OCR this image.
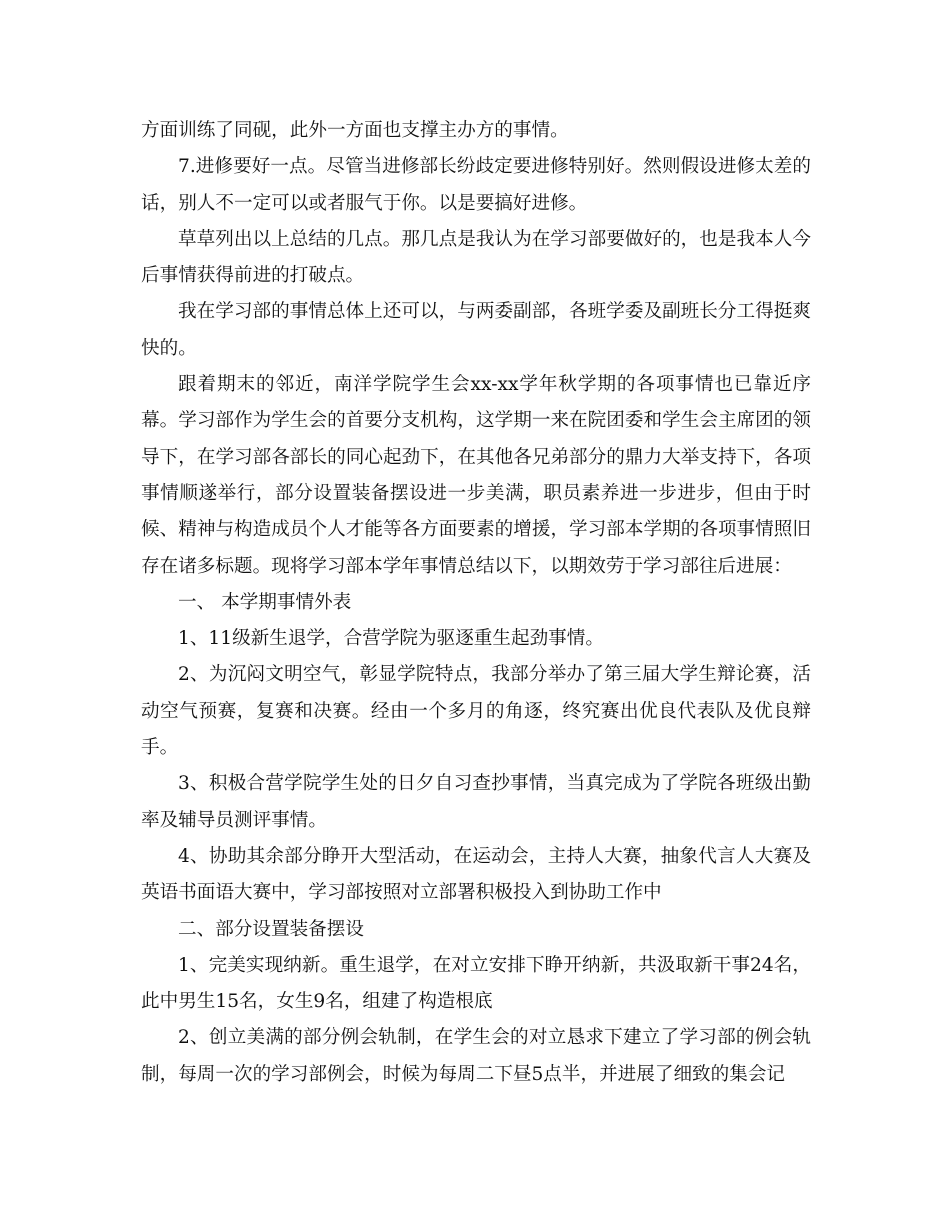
方面训练了同砚，此外一方面也支撑主办方的事情。

7.进修要好一点。尽管当进修部长纷歧定要进修特别好。然则假设进修太差的话，别人不一定可以或者服气于你。以是要搞好进修。

草草列出以上总结的几点。那几点是我认为在学习部要做好的，也是我本人今后事情获得前进的打破点。

我在学习部的事情总体上还可以，与两委副部，各班学委及副班长分工得挺爽快的。

跟着期末的邻近，南洋学院学生会xx-xx学年秋学期的各项事情也已靠近序幕。学习部作为学生会的首要分支机构，这学期一来在院团委和学生会主席团的领导下，在学习部各部长的同心起劲下，在其他各兄弟部分的鼎力大举支持下，各项事情顺遂举行，部分设置装备摆设进一步美满，职员素养进一步进步，但由于时候、精神与构造成员个人才能等各方面要素的增援，学习部本学期的各项事情照旧存在诸多标题。现将学习部本学年事情总结以下，以期效劳于学习部往后进展：

一、 本学期事情外表

1、11级新生退学，合营学院为驱逐重生起劲事情。

2、为沉闷文明空气，彰显学院特点，我部分举办了第三届大学生辩论赛，活动空气预赛，复赛和决赛。经由一个多月的角逐，终究赛出优良代表队及优良辩手。

3、积极合营学院学生处的日夕自习查抄事情，当真完成为了学院各班级出勤率及辅导员测评事情。

4、协助其余部分睁开大型活动，在运动会，主持人大赛，抽象代言人大赛及英语书面语大赛中，学习部按照对立部署积极投入到协助工作中

二、部分设置装备摆设

1、完美实现纳新。重生退学，在对立安排下睁开纳新，共汲取新干事24名，此中男生15名，女生9名，组建了构造根底

2、创立美满的部分例会轨制，在学生会的对立恳求下建立了学习部的例会轨制，每周一次的学习部例会，时候为每周二下昼5点半，并进展了细致的集会记
